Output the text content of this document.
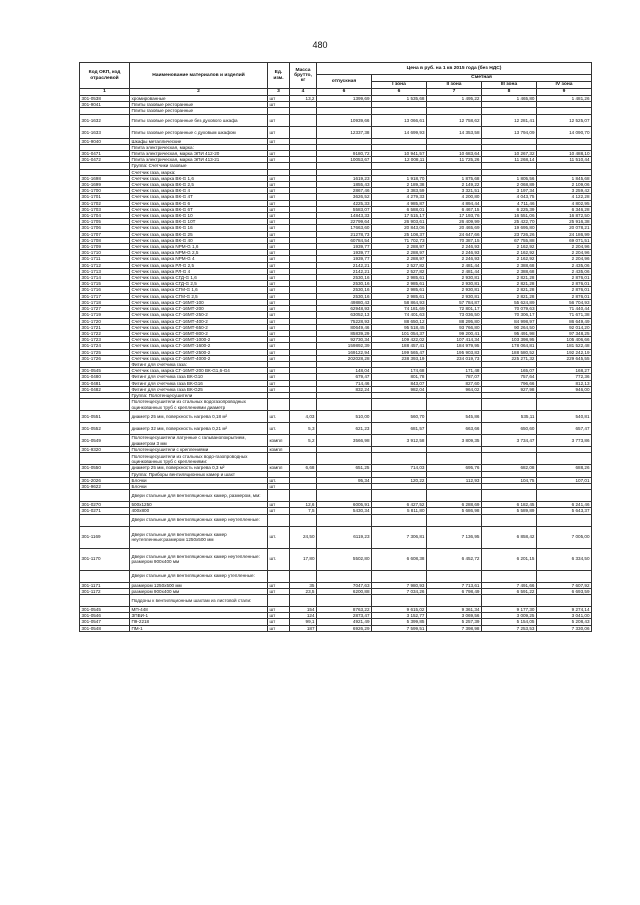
480
Код ОКП, код отраслевой	Наименование материалов и изделий	Ед. изм.	Масса брутто, кг	Цена в руб. на 1 кв 2015 года (без НДС)				
				отпускная	Сметная			
					I зона	II зона	III зона	IV зона
1	2	3	4	6	6	7	8	9
301-0538	хромированные	шт	13,2	1399,69	1 535,68	1 495,22	1 465,80	1 481,26
301-9041	Плиты газовые ресторанные	шт						
	Плиты газовые ресторанные							
301-1632	Плиты газовые ресторанные без духового шкафа	шт		10939,66	13 066,61	12 758,62	12 281,41	12 525,07
301-1633	Плиты газовые ресторанные с духовым шкафом	шт		12337,38	14 699,93	14 353,58	13 794,09	14 090,70
301-9040	Шкафы металлические	шт						
	Плита электрическая, марка:							
301-0471	Плита электрическая, марка ЭПИ 412-20	шт		9180,72	10 941,57	10 683,64	10 267,32	10 488,10
301-0472	Плита электрическая, марка ЭПИ 413-21	шт		10053,67	12 008,11	11 725,26	11 268,14	11 510,44
	Группа: Счетчики газовые							
	Счетчик газа, марка:							
301-1698	Счетчик газа, марка ВК-G 1,6	шт		1619,23	1 918,70	1 875,68	1 805,56	1 845,68
301-1699	Счетчик газа, марка ВК-G 2,5	шт		1855,43	2 189,38	2 149,22	2 068,89	2 109,06
301-1700	Счетчик газа, марка ВК-G 4	шт		2867,46	3 383,59	3 321,51	3 197,34	3 259,42
301-1701	Счетчик газа, марка ВК-G 4Т	шт		3626,52	4 279,33	4 200,80	4 043,75	4 122,28
301-1702	Счетчик газа, марка ВК-G 6	шт		4225,33	4 985,87	4 894,44	4 711,46	4 802,95
301-1703	Счетчик газа, марка ВК-G 6Т	шт		5583,07	6 588,01	6 467,15	6 225,39	6 346,28
301-1704	Счетчик газа, марка ВК-G 10	шт		14843,33	17 515,17	17 193,76	16 551,06	16 872,50
301-1705	Счетчик газа, марка ВК-G 10Т	шт		22799,64	26 903,61	26 409,99	25 422,70	25 916,38
301-1706	Счетчик газа, марка ВК-G 16	шт		17663,60	20 843,06	20 465,69	19 695,80	20 078,21
301-1707	Счетчик газа, марка ВК-G 25	шт		21278,73	25 108,37	24 647,66	23 726,26	24 186,99
301-1708	Счетчик газа, марка ВК-G 40	шт		60784,54	71 702,73	70 387,15	67 755,88	69 071,51
301-1709	Счетчик газа, марка NPM-G 1,6	шт		1939,77	2 288,97	2 246,93	2 162,92	2 204,96
301-1710	Счетчик газа, марка NPM-G 2,5	шт		1939,77	2 288,97	2 246,93	2 162,92	2 204,96
301-1711	Счетчик газа, марка NPM-G 4	шт		1939,77	2 288,97	2 246,93	2 162,92	2 204,96
301-1712	Счетчик газа, марка РЛ-G 2,5	шт		2142,21	2 527,82	2 481,44	2 388,68	2 435,06
301-1713	Счетчик газа, марка РЛ-G 4	шт		2142,21	2 527,82	2 481,44	2 388,68	2 435,06
301-1714	Счетчик газа, марка СГД-G 1,6	шт		2530,16	2 985,61	2 930,81	2 821,28	2 876,01
301-1715	Счетчик газа, марка СГД-G 2,5	шт		2530,16	2 985,61	2 930,81	2 821,28	2 876,01
301-1716	Счетчик газа, марка СГМ-G 1,6	шт		2530,16	2 985,61	2 930,81	2 821,28	2 876,01
301-1717	Счетчик газа, марка СГМ-G 2,5	шт		2530,16	2 985,61	2 930,81	2 821,28	2 876,01
301-1718	Счетчик газа, марка СГ-16МТ-100	шт		49880,43	58 864,93	57 784,87	55 624,89	56 704,93
301-1727	Счетчик газа, марка СГ-16МТ-200	шт		62948,93	74 181,69	72 801,17	70 079,63	71 440,44
301-1719	Счетчик газа, марка СГ-16МТ-250-2	шт		63052,13	74 401,63	73 036,50	70 306,17	71 671,38
301-1720	Счетчик газа, марка СГ-16МТ-400-2	шт		75228,93	88 650,12	88 295,80	84 998,97	86 649,49
301-1721	Счетчик газа, марка СГ-16МТ-650-2	шт		80649,46	95 518,45	93 766,80	90 264,50	92 014,20
301-1722	Счетчик газа, марка СГ-16МТ-800-2	шт		85839,29	101 054,37	99 200,41	95 491,98	97 348,25
301-1723	Счетчик газа, марка СГ-16МТ-1000-2	шт		92730,34	109 422,02	107 414,34	103 398,95	105 406,66
301-1724	Счетчик газа, марка СГ-16МТ-1600-2	шт		159892,39	188 457,41	184 979,95	178 064,81	181 522,48
301-1725	Счетчик газа, марка СГ-16МТ-2500-2	шт		169122,94	199 565,47	195 903,83	188 580,52	192 242,19
301-1726	Счетчик газа, марка СГ-16МТ-4000-2	шт		202028,28	238 393,19	234 019,73	225 271,32	229 645,55
	Фитинг для счетчика газа:							
301-0545	Счетчик газа, марка СГ-16МТ-200 ВК-G1,6-G4	шт		148,04	174,68	171,48	165,07	168,27
301-0480	Фитинг для счетчика газа ВК-G10	шт		679,47	801,78	787,07	757,64	772,36
301-0481	Фитинг для счетчика газа ВК-G16	шт		714,46	843,07	827,60	796,66	812,13
301-0482	Фитинг для счетчика газа ВК-G25	шт		832,24	982,04	964,02	927,98	946,00
	Группа: Полотенцесушители							
	Полотенцесушители из стальных водогазопроводных оцинкованных труб с креплениями диаметр							
301-0551	диаметр 25 мм, поверхность нагрева 0,18 м²	шт.	4,03	510,00	560,70	545,86	535,11	540,81
301-0552	диаметр 32 мм, поверхность нагрева 0,21 м²	шт.	5,3	621,23	681,57	663,66	650,60	657,47
301-0549	Полотенцесушители латунные с гальванопокрытием, диаметром 3 мм	компл	5,2	3566,98	3 912,58	3 809,35	3 734,47	3 773,86
301-9320	Полотенцесушители с креплениями	компл						
	Полотенцесушители из стальных водо-газопроводных оцинкованных труб с креплениями:							
301-0550	диаметр 25 мм, поверхность нагрева 0,3 м²	компл	6,68	651,25	714,03	695,76	682,08	688,26
	Группа: Приборы вентиляционных камер и шахт							
301-2026	Блочки	шт.		95,34	120,22	112,93	104,75	107,01
301-9622	Блочки	шт						
	Двери стальные для вентиляционных камер, размером, мм:							
301-0270	500х1250	шт	12,6	6005,91	6 427,52	6 288,69	6 182,45	6 241,46
301-0271	400х800	шт	7,5	5430,34	5 811,80	5 686,98	5 589,89	5 643,37
	Двери стальные для вентиляционных камер неутепленные:							
301-1169	Двери стальные для вентиляционных камер неутепленные:размером 1250х500 мм	шт.	24,50	6119,23	7 306,81	7 136,95	6 858,42	7 005,00
301-1170	Двери стальные для вентиляционных камер неутепленные: размером 900х400 мм	шт.	17,80	5502,80	6 608,38	6 452,72	6 201,15	6 334,50
	Двери стальные для вентиляционных камер утепленные:							
301-1171	размером 1250х500 мм	шт	35	7047,63	7 980,93	7 713,61	7 491,66	7 607,92
301-1172	размером 900х400 мм	шт	23,5	6200,88	7 034,26	6 798,49	6 591,22	6 693,59
	Поддоны к вентиляционным шахтам из листовой стали:							
301-0545	МП-448	шт	154	8763,22	9 615,02	9 361,34	9 177,30	9 274,14
301-0546	ЗПВИ-1	шт	124	2873,47	3 152,77	3 069,56	3 009,25	3 041,00
301-0547	П9-2218	шт	99,1	4921,49	5 399,85	5 257,39	5 154,05	5 208,43
301-0548	ПМ-1	шт	187	6926,29	7 599,51	7 398,98	7 253,53	7 330,06
